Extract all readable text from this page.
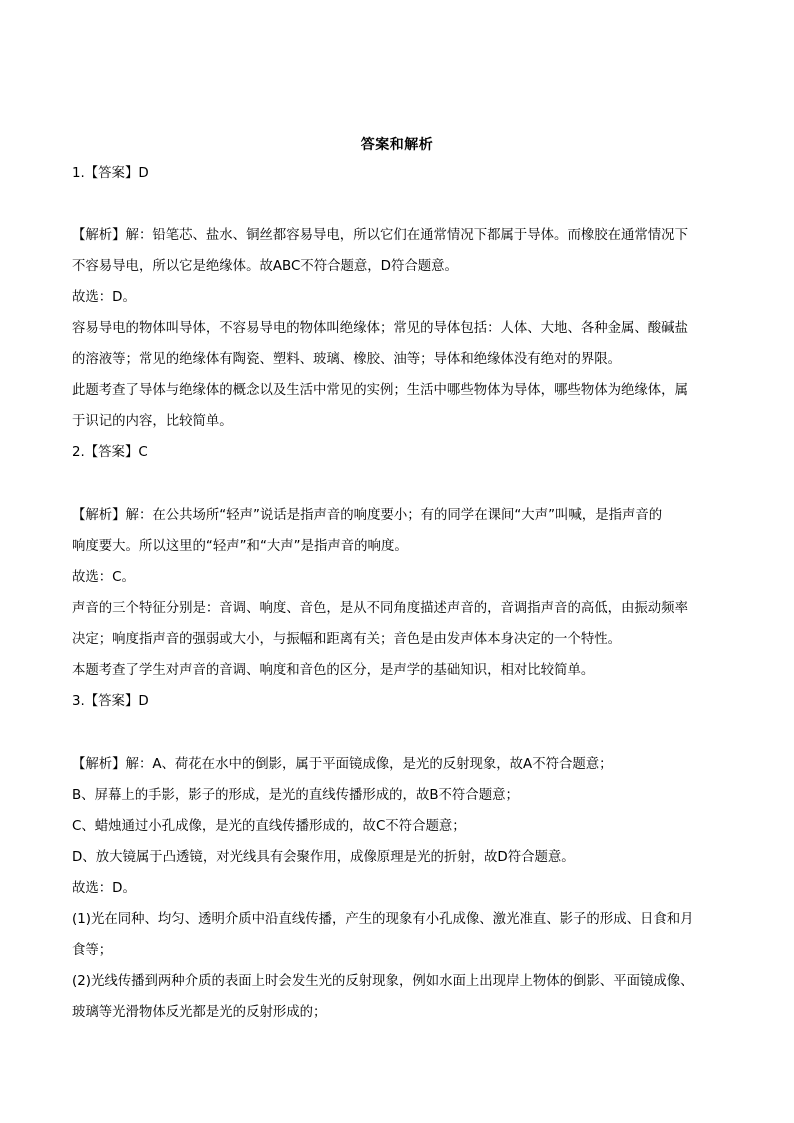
答案和解析
1.【答案】D
【解析】解：铅笔芯、盐水、铜丝都容易导电，所以它们在通常情况下都属于导体。而橡胶在通常情况下
不容易导电，所以它是绝缘体。故ABC不符合题意，D符合题意。
故选：D。
容易导电的物体叫导体，不容易导电的物体叫绝缘体；常见的导体包括：人体、大地、各种金属、酸碱盐
的溶液等；常见的绝缘体有陶瓷、塑料、玻璃、橡胶、油等；导体和绝缘体没有绝对的界限。
此题考查了导体与绝缘体的概念以及生活中常见的实例；生活中哪些物体为导体，哪些物体为绝缘体，属
于识记的内容，比较简单。
2.【答案】C
【解析】解：在公共场所“轻声”说话是指声音的响度要小；有的同学在课间“大声”叫喊，是指声音的
响度要大。所以这里的“轻声”和“大声”是指声音的响度。
故选：C。
声音的三个特征分别是：音调、响度、音色，是从不同角度描述声音的，音调指声音的高低，由振动频率
决定；响度指声音的强弱或大小，与振幅和距离有关；音色是由发声体本身决定的一个特性。
本题考查了学生对声音的音调、响度和音色的区分，是声学的基础知识，相对比较简单。
3.【答案】D
【解析】解：A、荷花在水中的倒影，属于平面镜成像，是光的反射现象，故A不符合题意；
B、屏幕上的手影，影子的形成，是光的直线传播形成的，故B不符合题意；
C、蜡烛通过小孔成像，是光的直线传播形成的，故C不符合题意；
D、放大镜属于凸透镜，对光线具有会聚作用，成像原理是光的折射，故D符合题意。
故选：D。
(1)光在同种、均匀、透明介质中沿直线传播，产生的现象有小孔成像、激光准直、影子的形成、日食和月
食等；
(2)光线传播到两种介质的表面上时会发生光的反射现象，例如水面上出现岸上物体的倒影、平面镜成像、
玻璃等光滑物体反光都是光的反射形成的；
